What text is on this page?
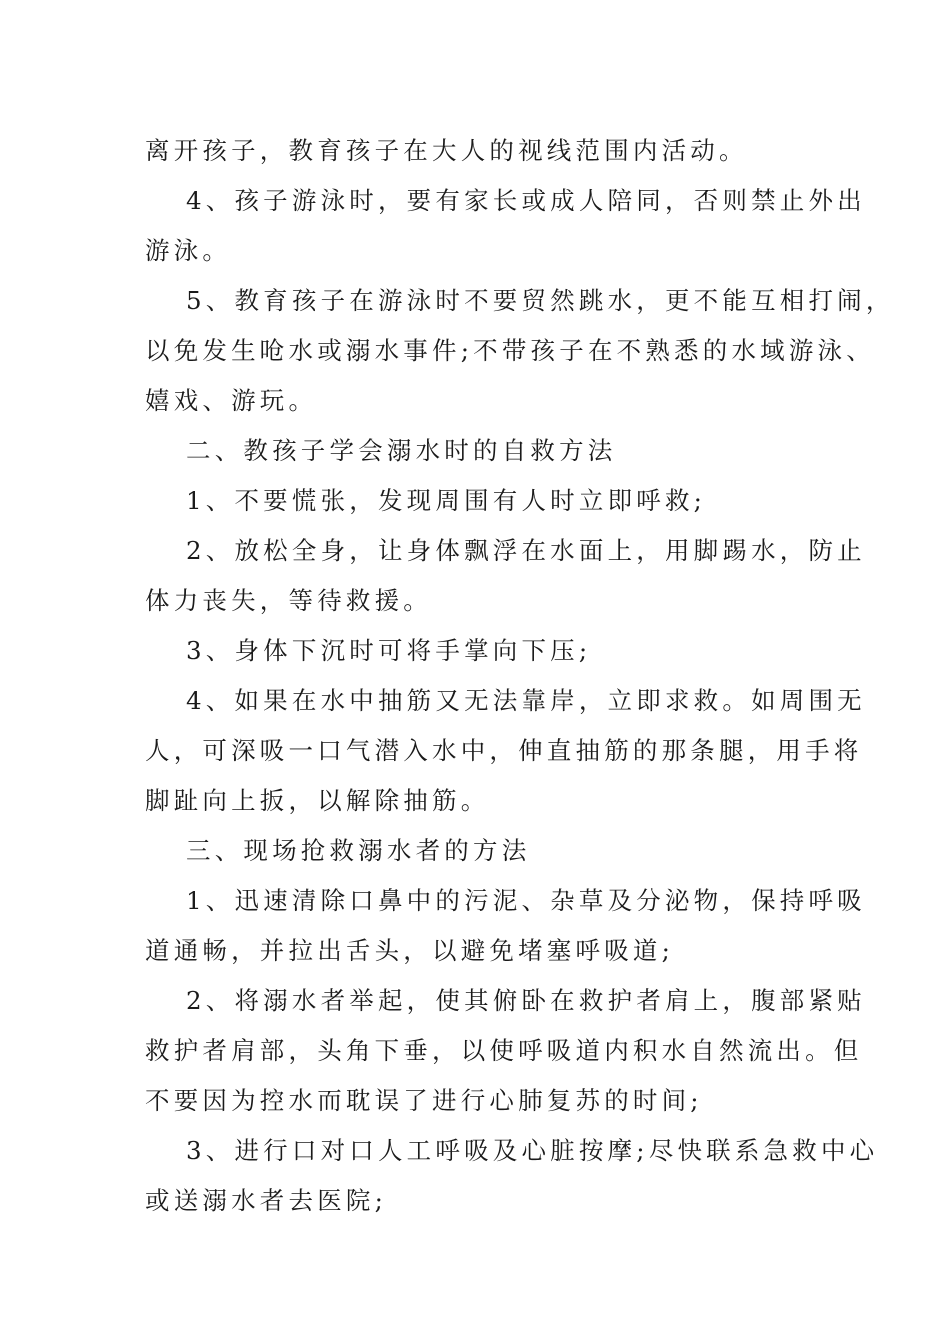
离开孩子，教育孩子在大人的视线范围内活动。
4、孩子游泳时，要有家长或成人陪同，否则禁止外出
游泳。
5、教育孩子在游泳时不要贸然跳水，更不能互相打闹，
以免发生呛水或溺水事件;不带孩子在不熟悉的水域游泳、
嬉戏、游玩。
二、教孩子学会溺水时的自救方法
1、不要慌张，发现周围有人时立即呼救;
2、放松全身，让身体飘浮在水面上，用脚踢水，防止
体力丧失，等待救援。
3、身体下沉时可将手掌向下压;
4、如果在水中抽筋又无法靠岸，立即求救。如周围无
人，可深吸一口气潜入水中，伸直抽筋的那条腿，用手将
脚趾向上扳，以解除抽筋。
三、现场抢救溺水者的方法
1、迅速清除口鼻中的污泥、杂草及分泌物，保持呼吸
道通畅，并拉出舌头，以避免堵塞呼吸道;
2、将溺水者举起，使其俯卧在救护者肩上，腹部紧贴
救护者肩部，头角下垂，以使呼吸道内积水自然流出。但
不要因为控水而耽误了进行心肺复苏的时间;
3、进行口对口人工呼吸及心脏按摩;尽快联系急救中心
或送溺水者去医院;
